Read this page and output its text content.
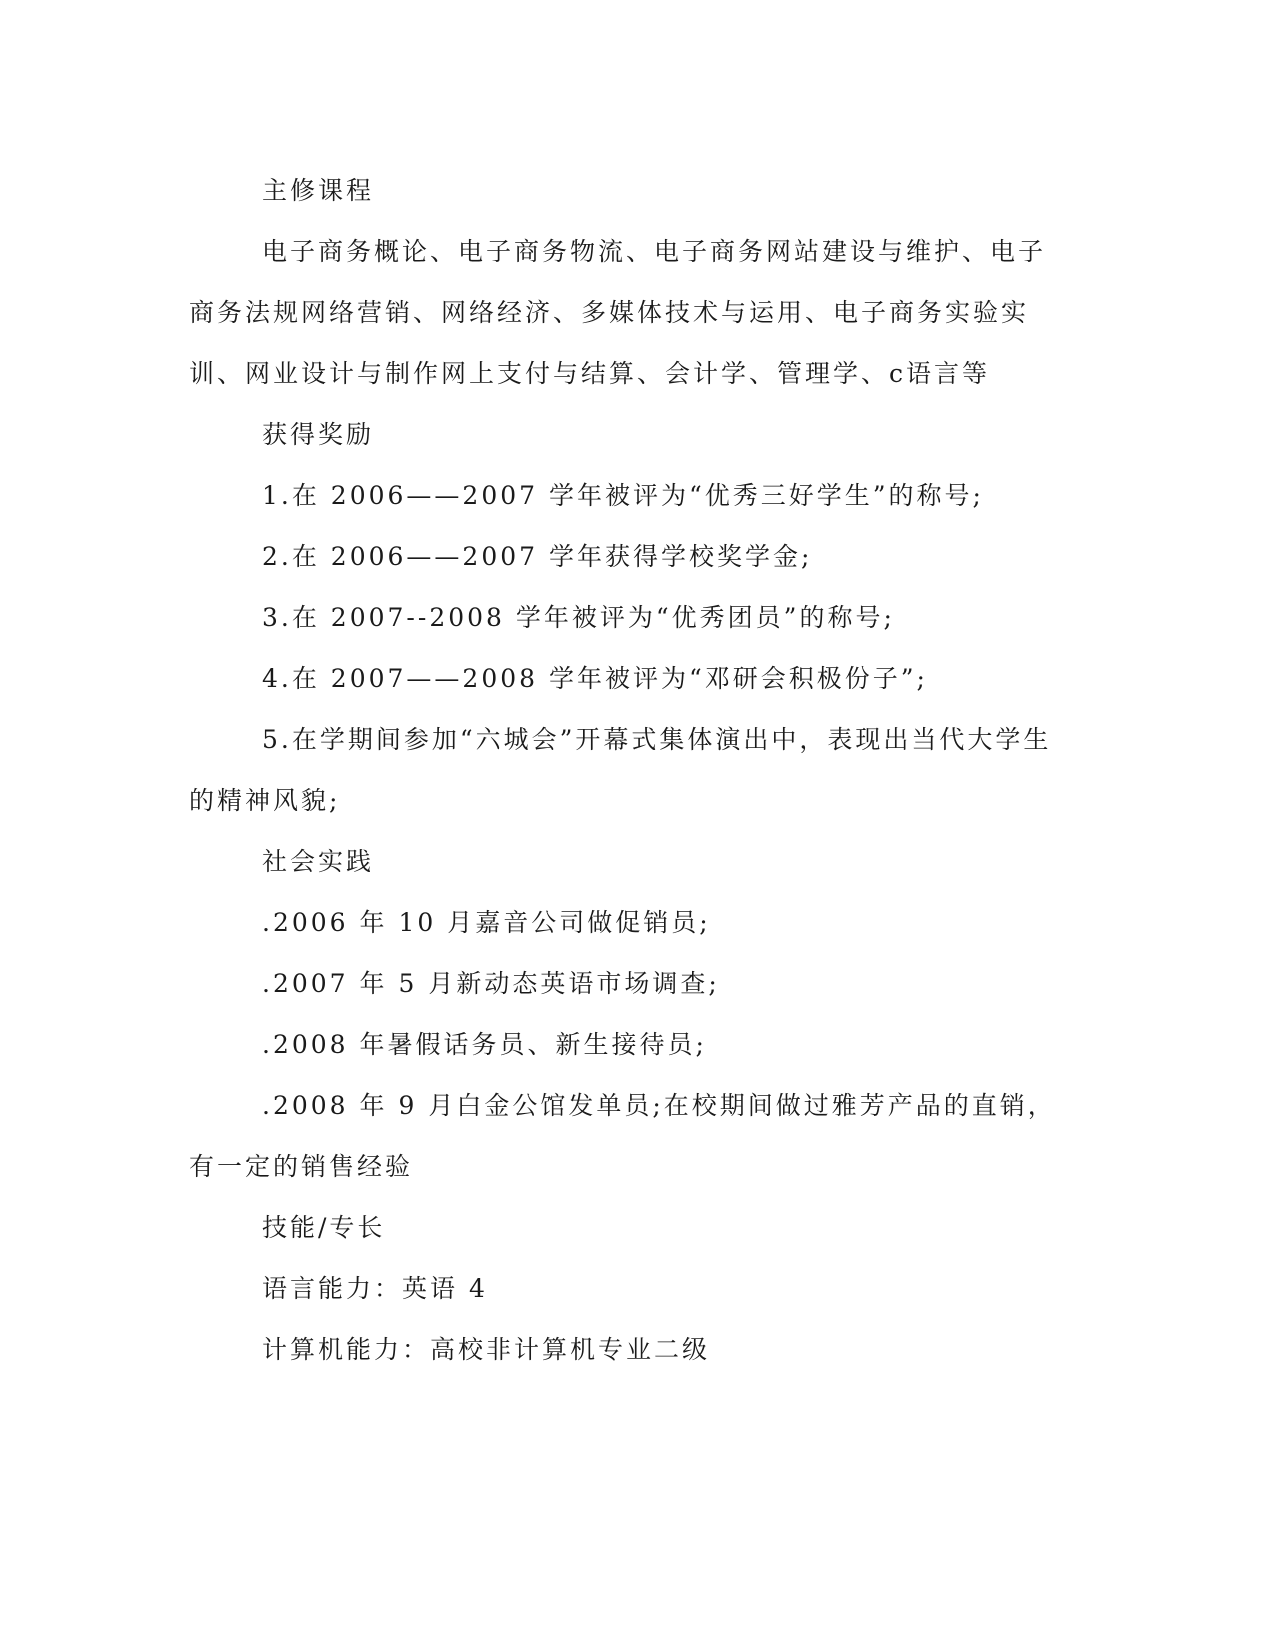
主修课程

电子商务概论、电子商务物流、电子商务网站建设与维护、电子商务法规网络营销、网络经济、多媒体技术与运用、电子商务实验实训、网业设计与制作网上支付与结算、会计学、管理学、c语言等

获得奖励

1.在 2006——2007 学年被评为“优秀三好学生”的称号;

2.在 2006——2007 学年获得学校奖学金;

3.在 2007--2008 学年被评为“优秀团员”的称号;

4.在 2007——2008 学年被评为“邓研会积极份子”;

5.在学期间参加“六城会”开幕式集体演出中，表现出当代大学生的精神风貌;

社会实践

.2006 年 10 月嘉音公司做促销员;

.2007 年 5 月新动态英语市场调查;

.2008 年暑假话务员、新生接待员;

.2008 年 9 月白金公馆发单员;在校期间做过雅芳产品的直销，有一定的销售经验

技能/专长

语言能力：英语 4

计算机能力：高校非计算机专业二级
